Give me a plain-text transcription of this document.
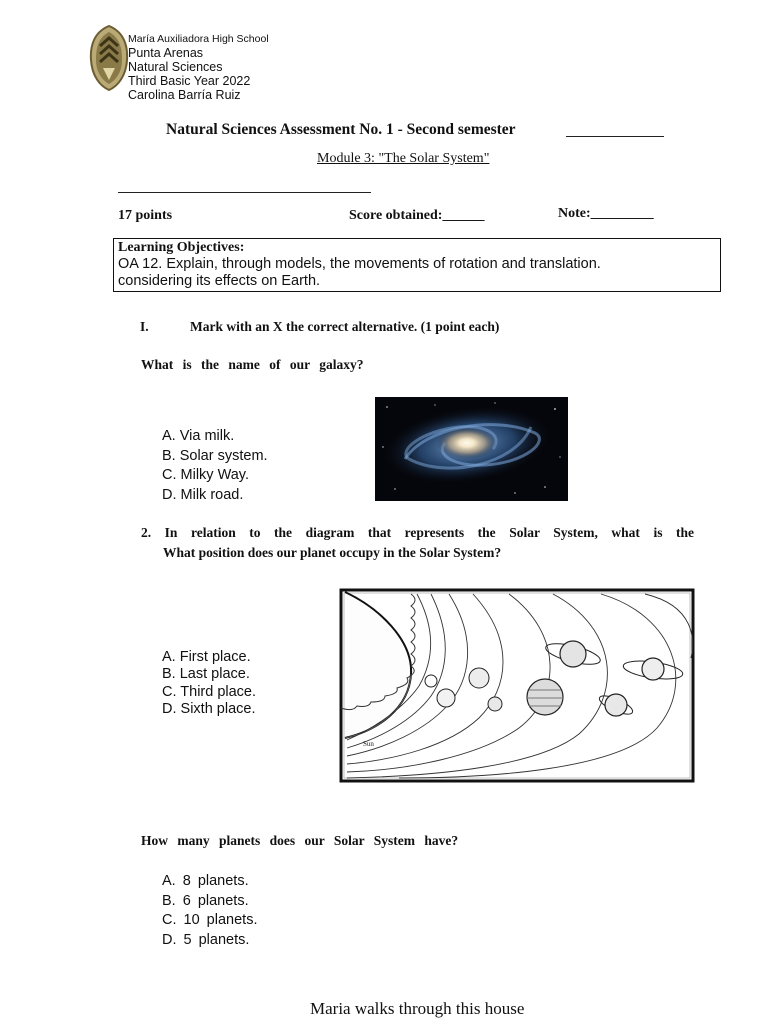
María Auxiliadora High School
Punta Arenas
Natural Sciences
Third Basic Year 2022
Carolina Barría Ruiz
Natural Sciences Assessment No. 1 - Second semester
Module 3: "The Solar System"
17 points	Score obtained:______	Note:_________
Learning Objectives:
OA 12. Explain, through models, the movements of rotation and translation.
considering its effects on Earth.
I.	Mark with an X the correct alternative. (1 point each)
What is the name of our galaxy?
A. Via milk.
B. Solar system.
C. Milky Way.
D. Milk road.
2. In relation to the diagram that represents the Solar System, what is the
What position does our planet occupy in the Solar System?
A. First place.
B. Last place.
C. Third place.
D. Sixth place.
Sun
How many planets does our Solar System have?
A. 8 planets.
B. 6 planets.
C. 10 planets.
D. 5 planets.
Maria walks through this house
